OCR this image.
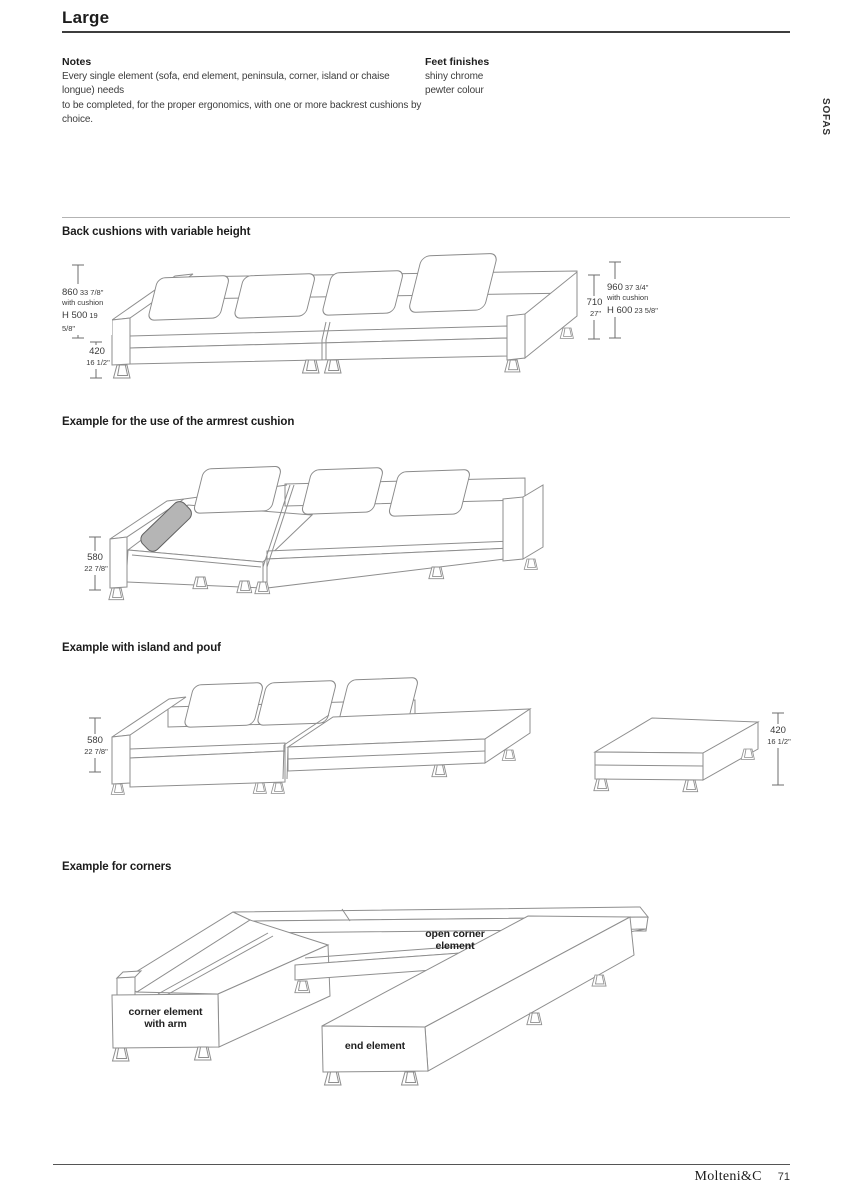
Large
Notes
Every single element (sofa, end element, peninsula, corner, island or chaise longue) needs
to be completed, for the proper ergonomics, with one or more backrest cushions by choice.
Feet finishes
shiny chrome
pewter colour
SOFAS
Back cushions with variable height
860 33 7/8"
with cushion
H 500 19 5/8"
420
16 1/2"
710
27"
960 37 3/4"
with cushion
H 600 23 5/8"
Example for the use of the armrest cushion
580
22 7/8"
Example with island and pouf
580
22 7/8"
420
16 1/2"
Example for corners
open corner
element
corner element
with arm
end element
Molteni&C 71
